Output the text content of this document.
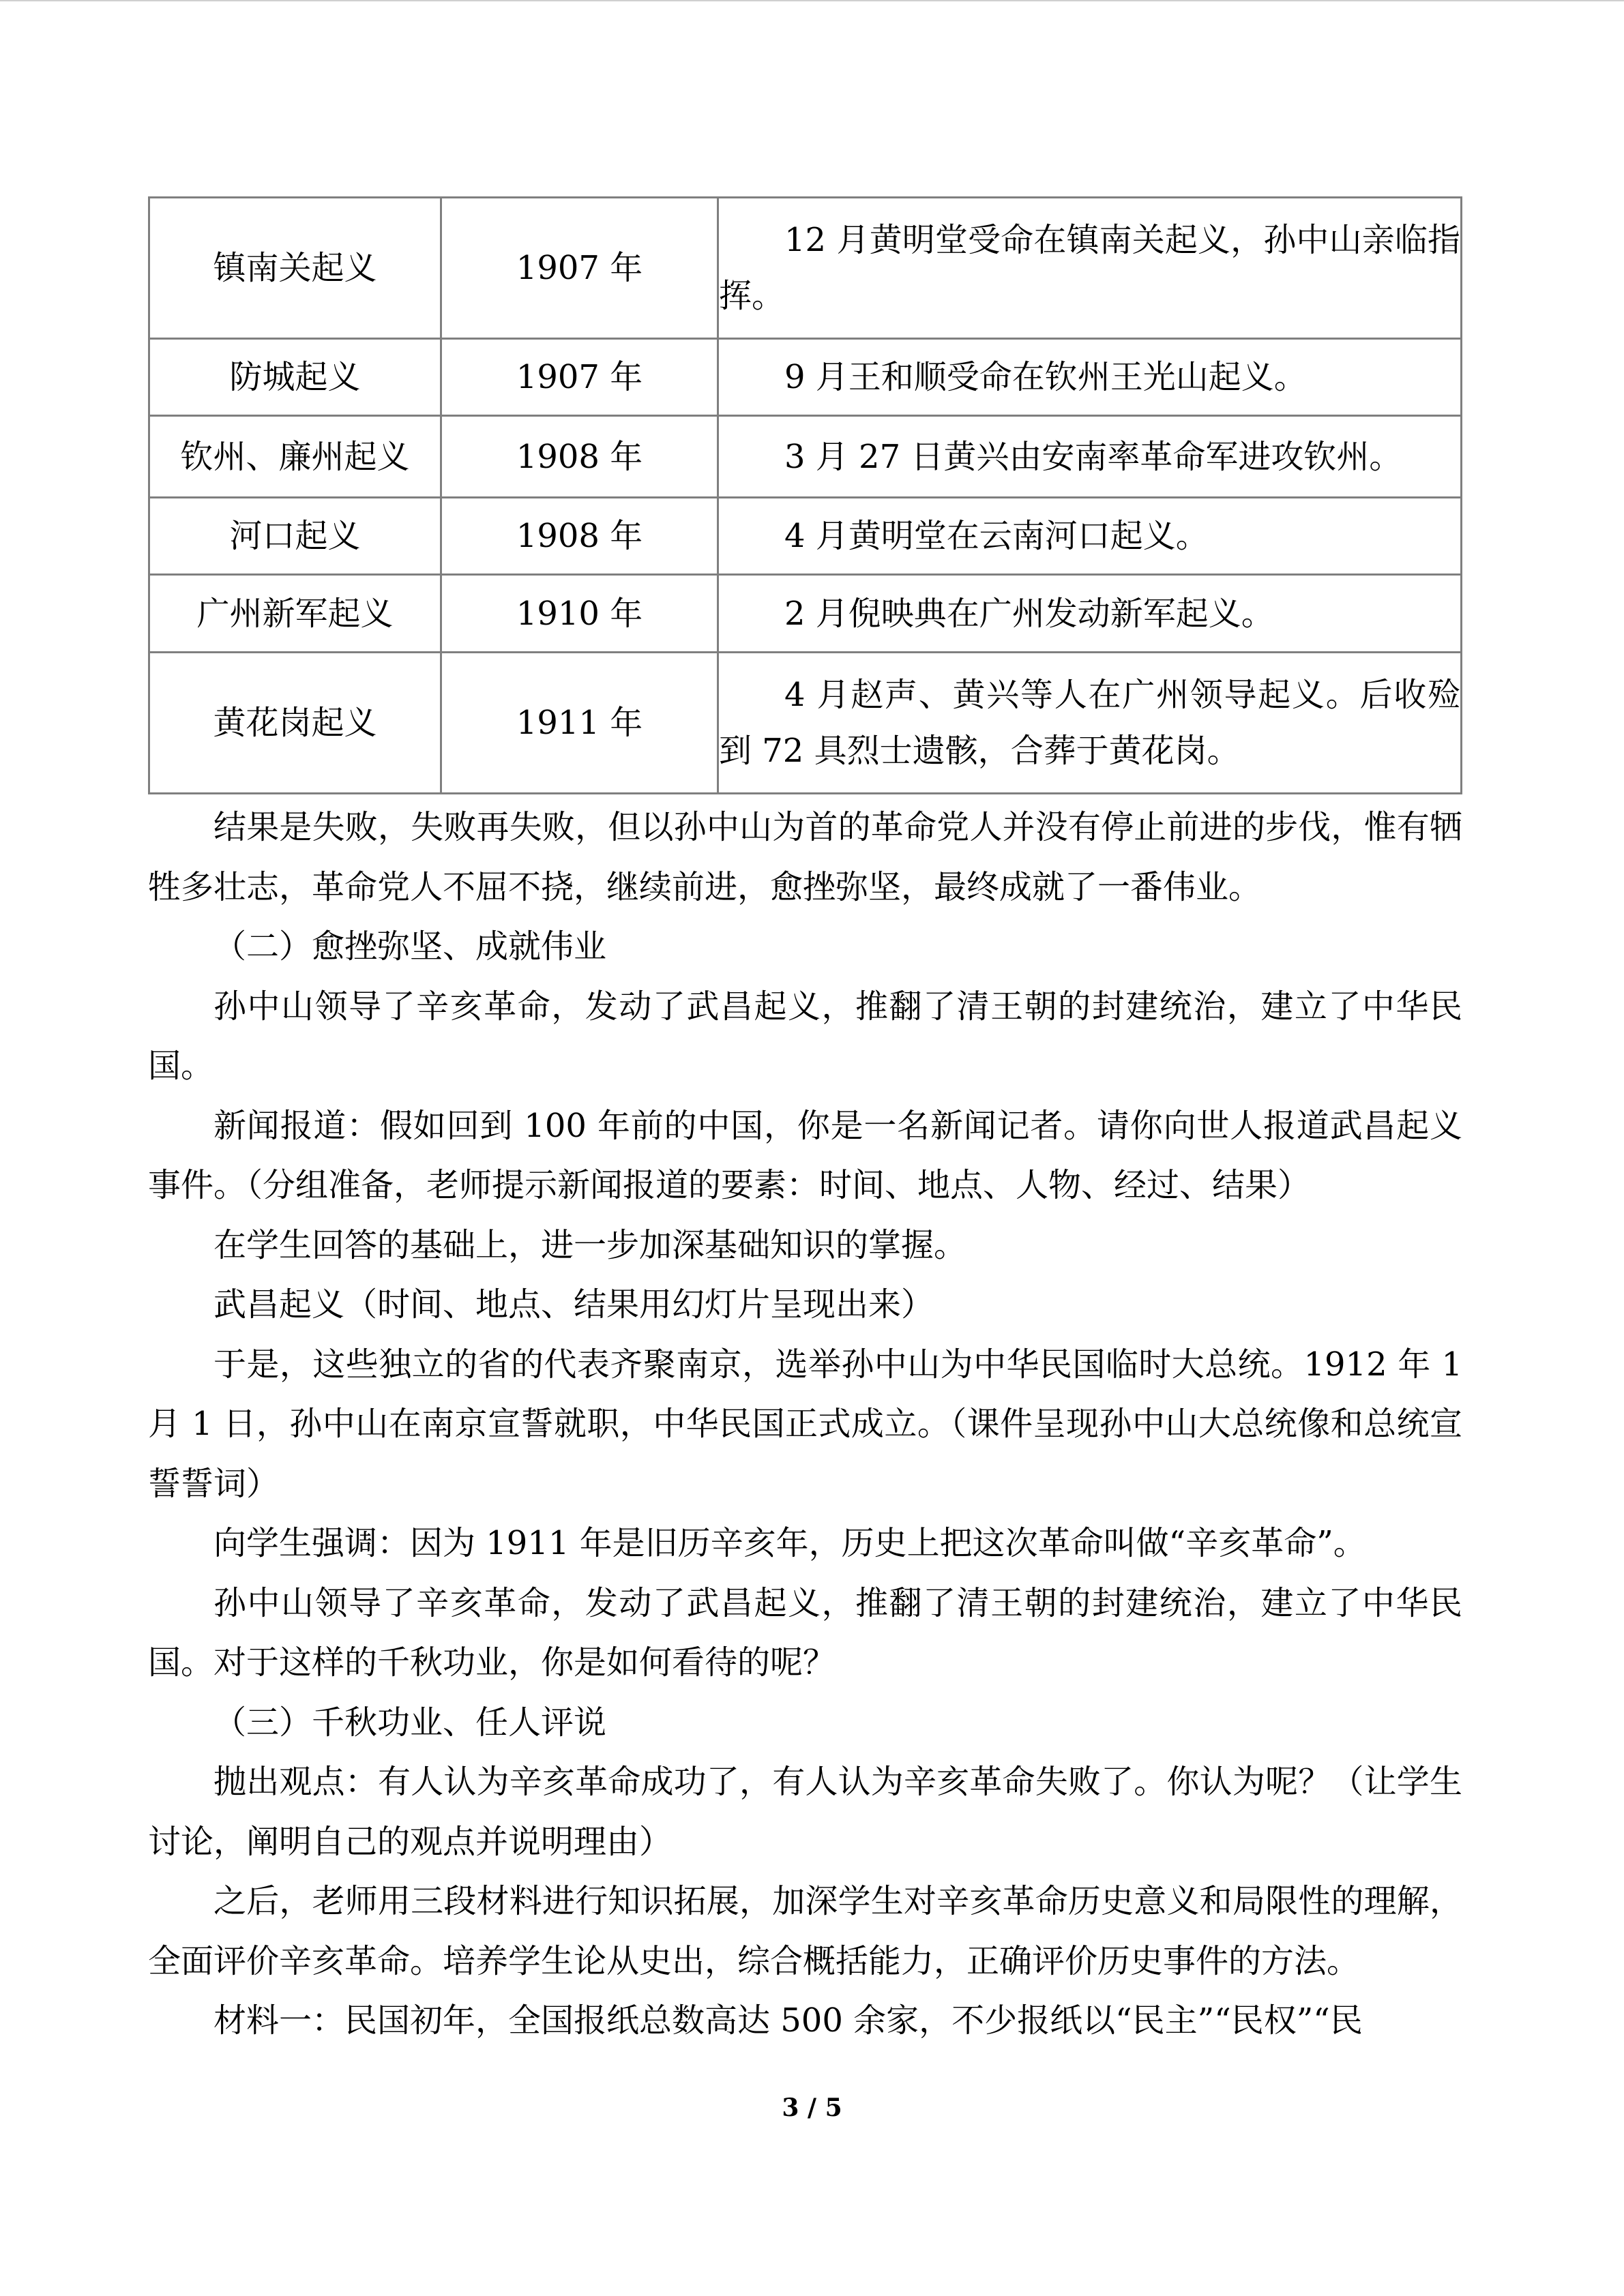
镇南关起义	1907 年	12 月黄明堂受命在镇南关起义，孙中山亲临指挥。
防城起义	1907 年	9 月王和顺受命在钦州王光山起义。
钦州、廉州起义	1908 年	3 月 27 日黄兴由安南率革命军进攻钦州。
河口起义	1908 年	4 月黄明堂在云南河口起义。
广州新军起义	1910 年	2 月倪映典在广州发动新军起义。
黄花岗起义	1911 年	4 月赵声、黄兴等人在广州领导起义。后收殓到 72 具烈士遗骸，合葬于黄花岗。

结果是失败，失败再失败，但以孙中山为首的革命党人并没有停止前进的步伐，惟有牺牲多壮志，革命党人不屈不挠，继续前进，愈挫弥坚，最终成就了一番伟业。

（二）愈挫弥坚、成就伟业

孙中山领导了辛亥革命，发动了武昌起义，推翻了清王朝的封建统治，建立了中华民国。

新闻报道：假如回到 100 年前的中国，你是一名新闻记者。请你向世人报道武昌起义事件。（分组准备，老师提示新闻报道的要素：时间、地点、人物、经过、结果）

在学生回答的基础上，进一步加深基础知识的掌握。

武昌起义（时间、地点、结果用幻灯片呈现出来）

于是，这些独立的省的代表齐聚南京，选举孙中山为中华民国临时大总统。1912 年 1 月 1 日，孙中山在南京宣誓就职，中华民国正式成立。（课件呈现孙中山大总统像和总统宣誓誓词）

向学生强调：因为 1911 年是旧历辛亥年，历史上把这次革命叫做“辛亥革命”。

孙中山领导了辛亥革命，发动了武昌起义，推翻了清王朝的封建统治，建立了中华民国。对于这样的千秋功业，你是如何看待的呢？

（三）千秋功业、任人评说

抛出观点：有人认为辛亥革命成功了，有人认为辛亥革命失败了。你认为呢？（让学生讨论，阐明自己的观点并说明理由）

之后，老师用三段材料进行知识拓展，加深学生对辛亥革命历史意义和局限性的理解，全面评价辛亥革命。培养学生论从史出，综合概括能力，正确评价历史事件的方法。

材料一：民国初年，全国报纸总数高达 500 余家，不少报纸以“民主”“民权”“民

3 / 5
